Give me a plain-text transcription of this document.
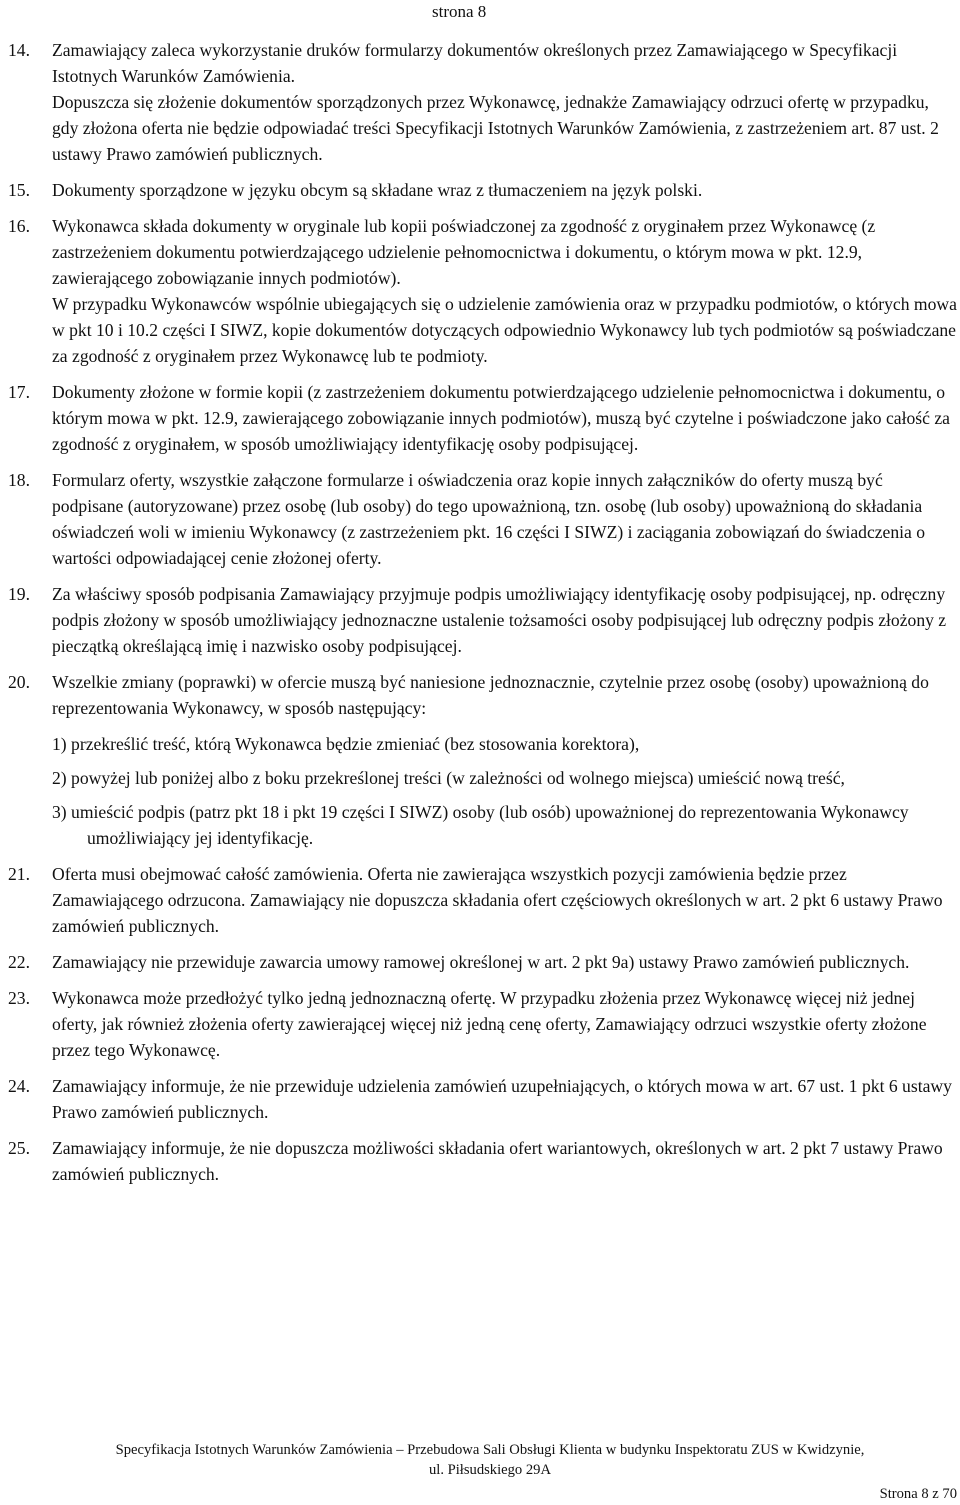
strona 8
14. Zamawiający zaleca wykorzystanie druków formularzy dokumentów określonych przez Zamawiającego w Specyfikacji Istotnych Warunków Zamówienia.
Dopuszcza się złożenie dokumentów sporządzonych przez Wykonawcę, jednakże Zamawiający odrzuci ofertę w przypadku, gdy złożona oferta nie będzie odpowiadać treści Specyfikacji Istotnych Warunków Zamówienia, z zastrzeżeniem art. 87 ust. 2 ustawy Prawo zamówień publicznych.
15. Dokumenty sporządzone w języku obcym są składane wraz z tłumaczeniem na język polski.
16. Wykonawca składa dokumenty w oryginale lub kopii poświadczonej za zgodność z oryginałem przez Wykonawcę (z zastrzeżeniem dokumentu potwierdzającego udzielenie pełnomocnictwa i dokumentu, o którym mowa w pkt. 12.9, zawierającego zobowiązanie innych podmiotów).
W przypadku Wykonawców wspólnie ubiegających się o udzielenie zamówienia oraz w przypadku podmiotów, o których mowa w pkt 10 i 10.2 części I SIWZ, kopie dokumentów dotyczących odpowiednio Wykonawcy lub tych podmiotów są poświadczane za zgodność z oryginałem przez Wykonawcę lub te podmioty.
17. Dokumenty złożone w formie kopii (z zastrzeżeniem dokumentu potwierdzającego udzielenie pełnomocnictwa i dokumentu, o którym mowa w pkt. 12.9, zawierającego zobowiązanie innych podmiotów), muszą być czytelne i poświadczone jako całość za zgodność z oryginałem, w sposób umożliwiający identyfikację osoby podpisującej.
18. Formularz oferty, wszystkie załączone formularze i oświadczenia oraz kopie innych załączników do oferty muszą być podpisane (autoryzowane) przez osobę (lub osoby) do tego upoważnioną, tzn. osobę (lub osoby) upoważnioną do składania oświadczeń woli w imieniu Wykonawcy (z zastrzeżeniem pkt. 16 części I SIWZ) i zaciągania zobowiązań do świadczenia o wartości odpowiadającej cenie złożonej oferty.
19. Za właściwy sposób podpisania Zamawiający przyjmuje podpis umożliwiający identyfikację osoby podpisującej, np. odręczny podpis złożony w sposób umożliwiający jednoznaczne ustalenie tożsamości osoby podpisującej lub odręczny podpis złożony z pieczątką określającą imię i nazwisko osoby podpisującej.
20. Wszelkie zmiany (poprawki) w ofercie muszą być naniesione jednoznacznie, czytelnie przez osobę (osoby) upoważnioną do reprezentowania Wykonawcy, w sposób następujący:
1) przekreślić treść, którą Wykonawca będzie zmieniać (bez stosowania korektora),
2) powyżej lub poniżej albo z boku przekreślonej treści (w zależności od wolnego miejsca) umieścić nową treść,
3) umieścić podpis (patrz pkt 18 i pkt 19 części I SIWZ) osoby (lub osób) upoważnionej do reprezentowania Wykonawcy umożliwiający jej identyfikację.
21. Oferta musi obejmować całość zamówienia. Oferta nie zawierająca wszystkich pozycji zamówienia będzie przez Zamawiającego odrzucona. Zamawiający nie dopuszcza składania ofert częściowych określonych w art. 2 pkt 6 ustawy Prawo zamówień publicznych.
22. Zamawiający nie przewiduje zawarcia umowy ramowej określonej w art. 2 pkt 9a) ustawy Prawo zamówień publicznych.
23. Wykonawca może przedłożyć tylko jedną jednoznaczną ofertę. W przypadku złożenia przez Wykonawcę więcej niż jednej oferty, jak również złożenia oferty zawierającej więcej niż jedną cenę oferty, Zamawiający odrzuci wszystkie oferty złożone przez tego Wykonawcę.
24. Zamawiający informuje, że nie przewiduje udzielenia zamówień uzupełniających, o których mowa w art. 67 ust. 1 pkt 6 ustawy Prawo zamówień publicznych.
25. Zamawiający informuje, że nie dopuszcza możliwości składania ofert wariantowych, określonych w art. 2 pkt 7 ustawy Prawo zamówień publicznych.
Specyfikacja Istotnych Warunków Zamówienia – Przebudowa Sali Obsługi Klienta w budynku Inspektoratu ZUS w Kwidzynie,
ul. Piłsudskiego 29A
Strona 8 z 70
